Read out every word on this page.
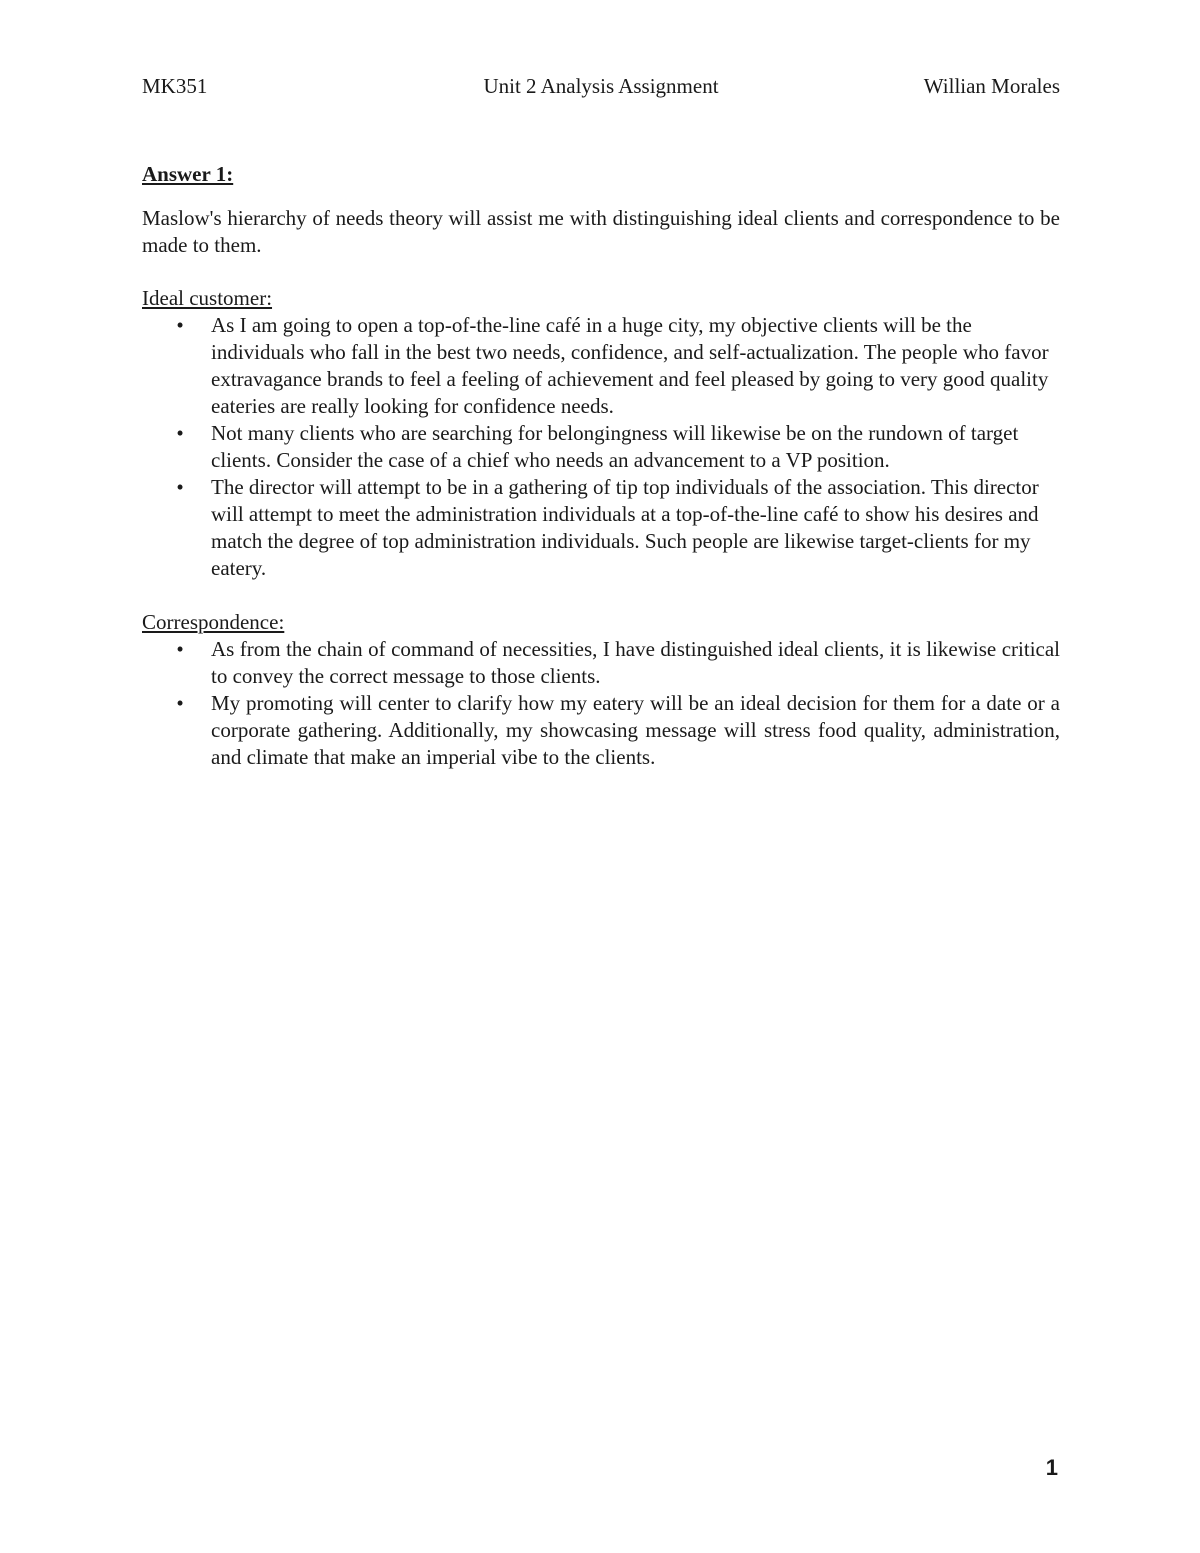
MK351	Unit 2 Analysis Assignment	Willian Morales

Answer 1:

Maslow's hierarchy of needs theory will assist me with distinguishing ideal clients and correspondence to be made to them.

Ideal customer:

• As I am going to open a top-of-the-line café in a huge city, my objective clients will be the individuals who fall in the best two needs, confidence, and self-actualization. The people who favor extravagance brands to feel a feeling of achievement and feel pleased by going to very good quality eateries are really looking for confidence needs.
• Not many clients who are searching for belongingness will likewise be on the rundown of target clients. Consider the case of a chief who needs an advancement to a VP position.
• The director will attempt to be in a gathering of tip top individuals of the association. This director will attempt to meet the administration individuals at a top-of-the-line café to show his desires and match the degree of top administration individuals. Such people are likewise target-clients for my eatery.

Correspondence:

• As from the chain of command of necessities, I have distinguished ideal clients, it is likewise critical to convey the correct message to those clients.
• My promoting will center to clarify how my eatery will be an ideal decision for them for a date or a corporate gathering. Additionally, my showcasing message will stress food quality, administration, and climate that make an imperial vibe to the clients.
1
